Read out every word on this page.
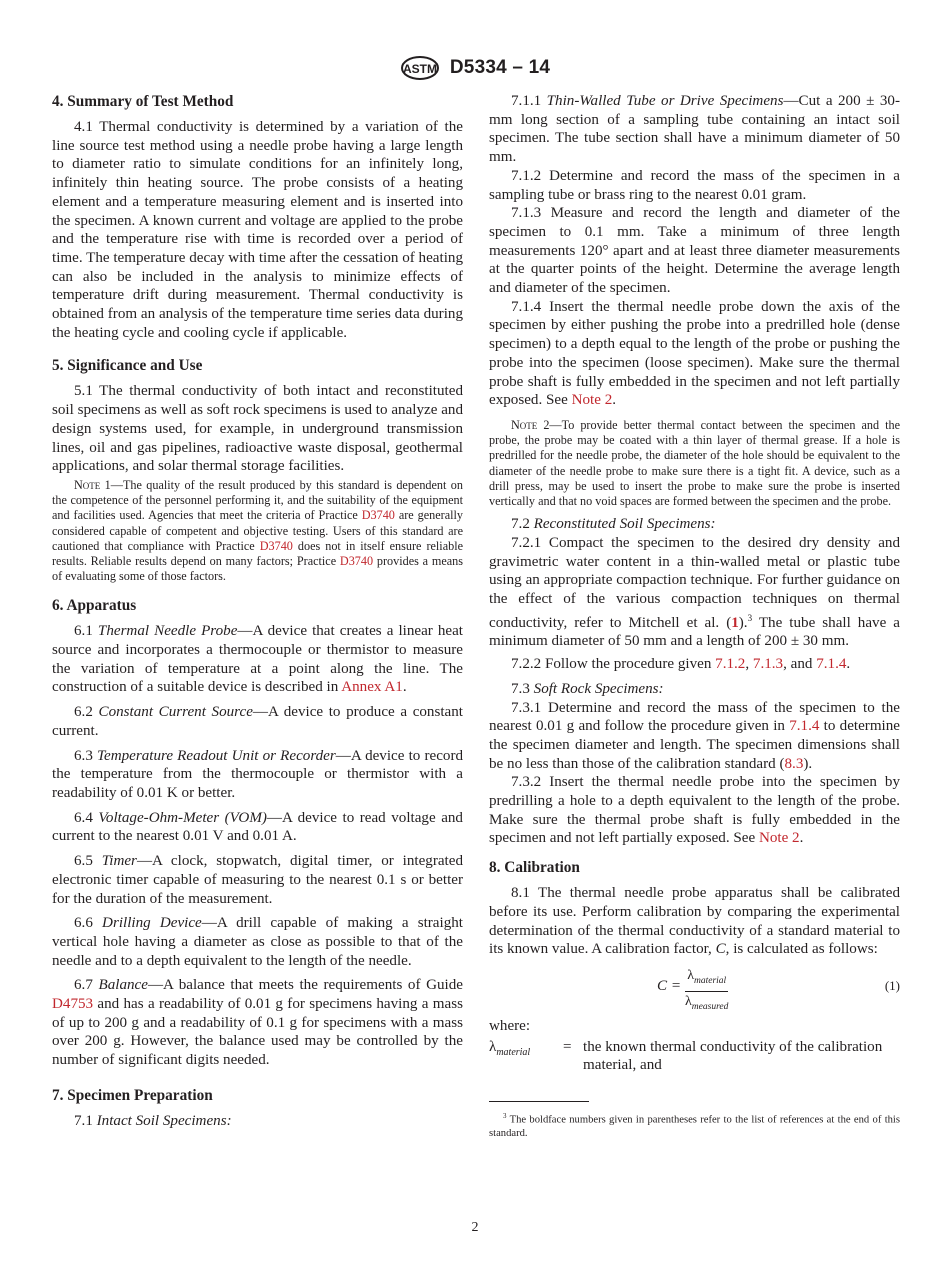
ASTM D5334 – 14
4. Summary of Test Method

4.1 Thermal conductivity is determined by a variation of the line source test method using a needle probe having a large length to diameter ratio to simulate conditions for an infinitely long, infinitely thin heating source. The probe consists of a heating element and a temperature measuring element and is inserted into the specimen. A known current and voltage are applied to the probe and the temperature rise with time is recorded over a period of time. The temperature decay with time after the cessation of heating can also be included in the analysis to minimize effects of temperature drift during measurement. Thermal conductivity is obtained from an analysis of the temperature time series data during the heating cycle and cooling cycle if applicable.

5. Significance and Use

5.1 The thermal conductivity of both intact and reconstituted soil specimens as well as soft rock specimens is used to analyze and design systems used, for example, in underground transmission lines, oil and gas pipelines, radioactive waste disposal, geothermal applications, and solar thermal storage facilities.

Note 1—The quality of the result produced by this standard is dependent on the competence of the personnel performing it, and the suitability of the equipment and facilities used. Agencies that meet the criteria of Practice D3740 are generally considered capable of competent and objective testing. Users of this standard are cautioned that compliance with Practice D3740 does not in itself ensure reliable results. Reliable results depend on many factors; Practice D3740 provides a means of evaluating some of those factors.

6. Apparatus

6.1 Thermal Needle Probe—A device that creates a linear heat source and incorporates a thermocouple or thermistor to measure the variation of temperature at a point along the line. The construction of a suitable device is described in Annex A1.

6.2 Constant Current Source—A device to produce a constant current.

6.3 Temperature Readout Unit or Recorder—A device to record the temperature from the thermocouple or thermistor with a readability of 0.01 K or better.

6.4 Voltage-Ohm-Meter (VOM)—A device to read voltage and current to the nearest 0.01 V and 0.01 A.

6.5 Timer—A clock, stopwatch, digital timer, or integrated electronic timer capable of measuring to the nearest 0.1 s or better for the duration of the measurement.

6.6 Drilling Device—A drill capable of making a straight vertical hole having a diameter as close as possible to that of the needle and to a depth equivalent to the length of the needle.

6.7 Balance—A balance that meets the requirements of Guide D4753 and has a readability of 0.01 g for specimens having a mass of up to 200 g and a readability of 0.1 g for specimens with a mass over 200 g. However, the balance used may be controlled by the number of significant digits needed.

7. Specimen Preparation

7.1 Intact Soil Specimens:

7.1.1 Thin-Walled Tube or Drive Specimens—Cut a 200 ± 30-mm long section of a sampling tube containing an intact soil specimen. The tube section shall have a minimum diameter of 50 mm.

7.1.2 Determine and record the mass of the specimen in a sampling tube or brass ring to the nearest 0.01 gram.

7.1.3 Measure and record the length and diameter of the specimen to 0.1 mm. Take a minimum of three length measurements 120° apart and at least three diameter measurements at the quarter points of the height. Determine the average length and diameter of the specimen.

7.1.4 Insert the thermal needle probe down the axis of the specimen by either pushing the probe into a predrilled hole (dense specimen) to a depth equal to the length of the probe or pushing the probe into the specimen (loose specimen). Make sure the thermal probe shaft is fully embedded in the specimen and not left partially exposed. See Note 2.

Note 2—To provide better thermal contact between the specimen and the probe, the probe may be coated with a thin layer of thermal grease. If a hole is predrilled for the needle probe, the diameter of the hole should be equivalent to the diameter of the needle probe to make sure there is a tight fit. A device, such as a drill press, may be used to insert the probe to make sure the probe is inserted vertically and that no void spaces are formed between the specimen and the probe.

7.2 Reconstituted Soil Specimens:

7.2.1 Compact the specimen to the desired dry density and gravimetric water content in a thin-walled metal or plastic tube using an appropriate compaction technique. For further guidance on the effect of the various compaction techniques on thermal conductivity, refer to Mitchell et al. (1).$^3$ The tube shall have a minimum diameter of 50 mm and a length of 200 ± 30 mm.

7.2.2 Follow the procedure given 7.1.2, 7.1.3, and 7.1.4.

7.3 Soft Rock Specimens:

7.3.1 Determine and record the mass of the specimen to the nearest 0.01 g and follow the procedure given in 7.1.4 to determine the specimen diameter and length. The specimen dimensions shall be no less than those of the calibration standard (8.3).

7.3.2 Insert the thermal needle probe into the specimen by predrilling a hole to a depth equivalent to the length of the probe. Make sure the thermal probe shaft is fully embedded in the specimen and not left partially exposed. See Note 2.

8. Calibration

8.1 The thermal needle probe apparatus shall be calibrated before its use. Perform calibration by comparing the experimental determination of the thermal conductivity of a standard material to its known value. A calibration factor, C, is calculated as follows:

C =
$\lambda_{material}$
$\lambda_{measured}$
(1)
where:
$\lambda_{material}$	= the known thermal conductivity of the calibration material, and

$^3$ The boldface numbers given in parentheses refer to the list of references at the end of this standard.

2
